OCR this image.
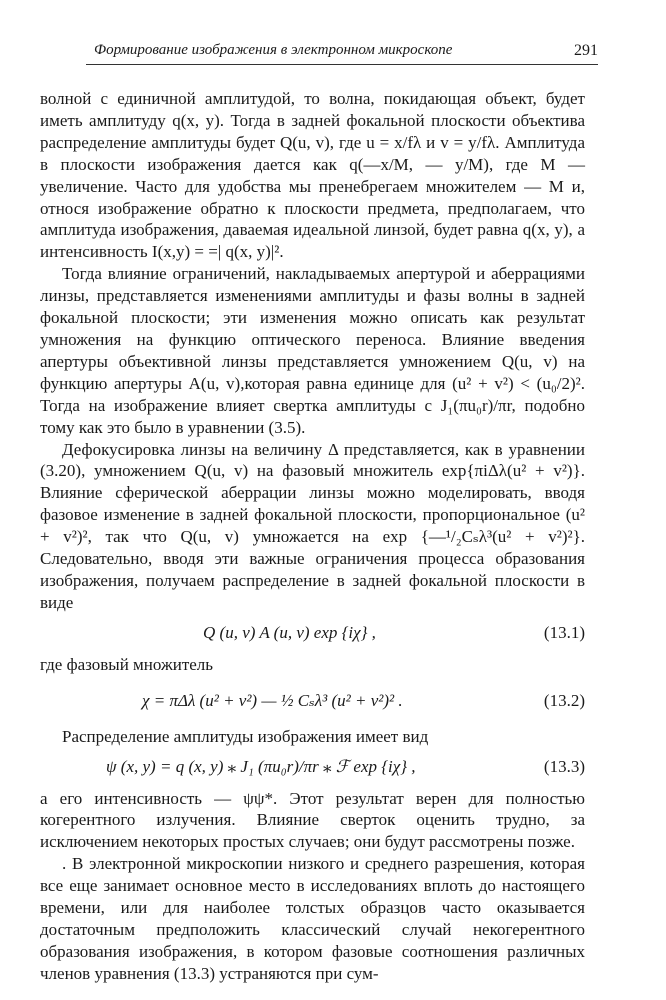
Формирование изображения в электронном микроскопе	291

волной с единичной амплитудой, то волна, покидающая объект, будет иметь амплитуду q(x, y). Тогда в задней фокальной плоскости объектива распределение амплитуды будет Q(u, v), где u = x/fλ и v = y/fλ. Амплитуда в плоскости изображения дается как q(—x/M, — y/M), где M — увеличение. Часто для удобства мы пренебрегаем множителем — M и, относя изображение обратно к плоскости предмета, предполагаем, что амплитуда изображения, даваемая идеальной линзой, будет равна q(x, y), а интенсивность I(x,y) = =| q(x, y)|².

Тогда влияние ограничений, накладываемых апертурой и аберрациями линзы, представляется изменениями амплитуды и фазы волны в задней фокальной плоскости; эти изменения можно описать как результат умножения на функцию оптического переноса. Влияние введения апертуры объективной линзы представляется умножением Q(u, v) на функцию апертуры A(u, v),которая равна единице для (u² + v²) < (u₀/2)². Тогда на изображение влияет свертка амплитуды с J₁(πu₀r)/πr, подобно тому как это было в уравнении (3.5).

Дефокусировка линзы на величину Δ представляется, как в уравнении (3.20), умножением Q(u, v) на фазовый множитель exp{πiΔλ(u² + v²)}. Влияние сферической аберрации линзы можно моделировать, вводя фазовое изменение в задней фокальной плоскости, пропорциональное (u² + v²)², так что Q(u, v) умножается на exp {—¹/₂Cₛλ³(u² + v²)²}. Следовательно, вводя эти важные ограничения процесса образования изображения, получаем распределение в задней фокальной плоскости в виде

Q (u, v) A (u, v) exp {iχ} ,	(13.1)

где фазовый множитель

χ = πΔλ (u² + v²) — ½ Cₛλ³ (u² + v²)² .	(13.2)

Распределение амплитуды изображения имеет вид

ψ (x, y) = q (x, y) ⁎ J₁ (πu₀r)/πr ⁎ ℱ exp {iχ} ,	(13.3)

а его интенсивность — ψψ*. Этот результат верен для полностью когерентного излучения. Влияние сверток оценить трудно, за исключением некоторых простых случаев; они будут рассмотрены позже.

. В электронной микроскопии низкого и среднего разрешения, которая все еще занимает основное место в исследованиях вплоть до настоящего времени, или для наиболее толстых образцов часто оказывается достаточным предположить классический случай некогерентного образования изображения, в котором фазовые соотношения различных членов уравнения (13.3) устраняются при сум-
